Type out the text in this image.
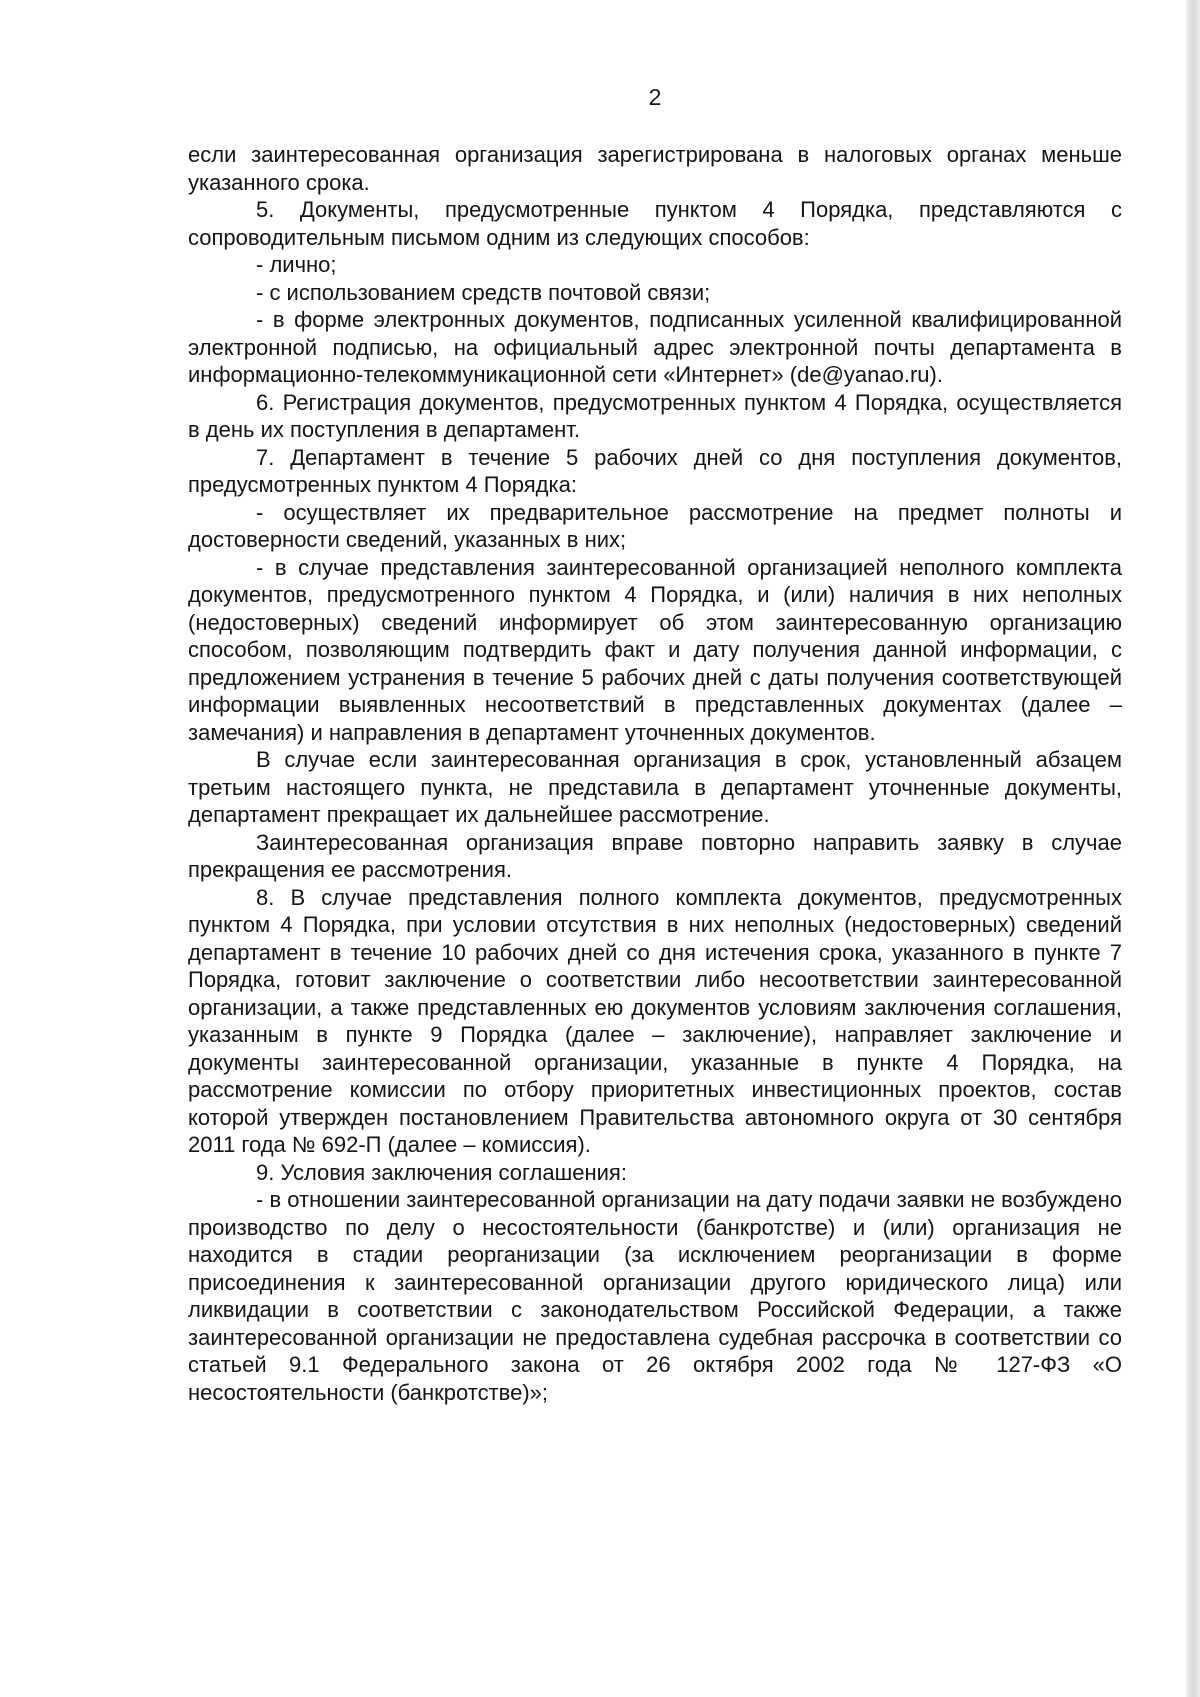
2

если заинтересованная организация зарегистрирована в налоговых органах меньше указанного срока.

5. Документы, предусмотренные пунктом 4 Порядка, представляются с сопроводительным письмом одним из следующих способов:

- лично;

- с использованием средств почтовой связи;

- в форме электронных документов, подписанных усиленной квалифицированной электронной подписью, на официальный адрес электронной почты департамента в информационно-телекоммуникационной сети «Интернет» (de@yanao.ru).

6. Регистрация документов, предусмотренных пунктом 4 Порядка, осуществляется в день их поступления в департамент.

7. Департамент в течение 5 рабочих дней со дня поступления документов, предусмотренных пунктом 4 Порядка:

- осуществляет их предварительное рассмотрение на предмет полноты и достоверности сведений, указанных в них;

- в случае представления заинтересованной организацией неполного комплекта документов, предусмотренного пунктом 4 Порядка, и (или) наличия в них неполных (недостоверных) сведений информирует об этом заинтересованную организацию способом, позволяющим подтвердить факт и дату получения данной информации, с предложением устранения в течение 5 рабочих дней с даты получения соответствующей информации выявленных несоответствий в представленных документах (далее – замечания) и направления в департамент уточненных документов.

В случае если заинтересованная организация в срок, установленный абзацем третьим настоящего пункта, не представила в департамент уточненные документы, департамент прекращает их дальнейшее рассмотрение.

Заинтересованная организация вправе повторно направить заявку в случае прекращения ее рассмотрения.

8. В случае представления полного комплекта документов, предусмотренных пунктом 4 Порядка, при условии отсутствия в них неполных (недостоверных) сведений департамент в течение 10 рабочих дней со дня истечения срока, указанного в пункте 7 Порядка, готовит заключение о соответствии либо несоответствии заинтересованной организации, а также представленных ею документов условиям заключения соглашения, указанным в пункте 9 Порядка (далее – заключение), направляет заключение и документы заинтересованной организации, указанные в пункте 4 Порядка, на рассмотрение комиссии по отбору приоритетных инвестиционных проектов, состав которой утвержден постановлением Правительства автономного округа от 30 сентября 2011 года № 692-П (далее – комиссия).

9. Условия заключения соглашения:

- в отношении заинтересованной организации на дату подачи заявки не возбуждено производство по делу о несостоятельности (банкротстве) и (или) организация не находится в стадии реорганизации (за исключением реорганизации в форме присоединения к заинтересованной организации другого юридического лица) или ликвидации в соответствии с законодательством Российской Федерации, а также заинтересованной организации не предоставлена судебная рассрочка в соответствии со статьей 9.1 Федерального закона от 26 октября 2002 года № 127-ФЗ «О несостоятельности (банкротстве)»;
